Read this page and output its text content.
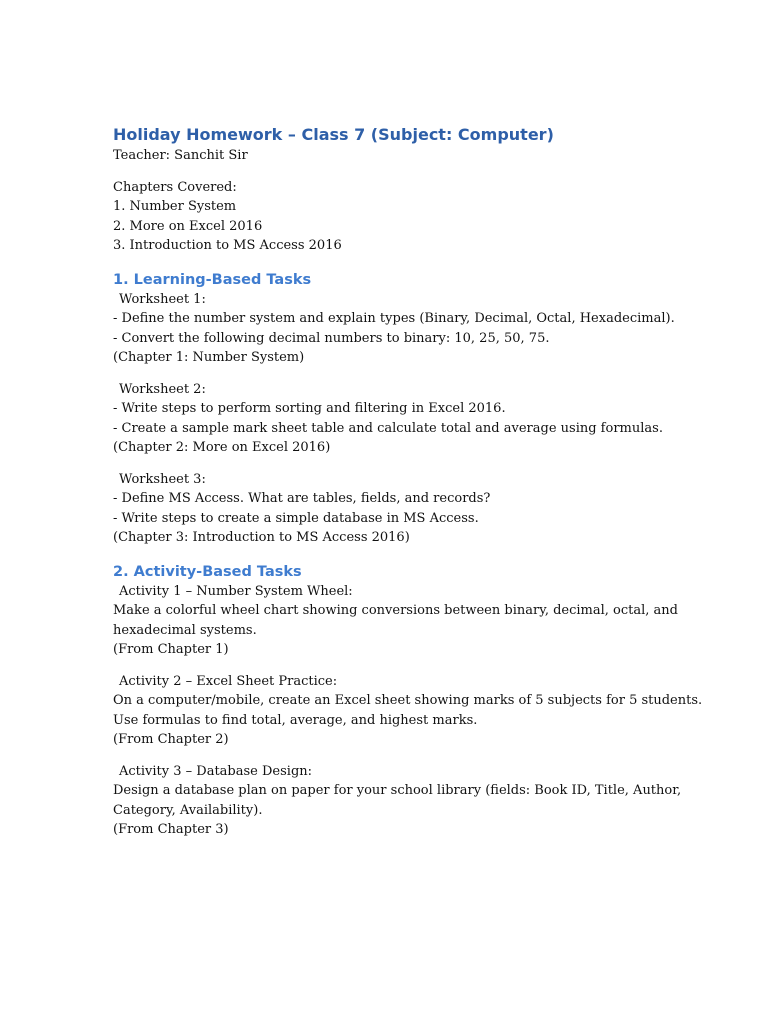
Holiday Homework – Class 7 (Subject: Computer)
Teacher: Sanchit Sir
Chapters Covered:
1. Number System
2. More on Excel 2016
3. Introduction to MS Access 2016
1. Learning-Based Tasks
Worksheet 1:
- Define the number system and explain types (Binary, Decimal, Octal, Hexadecimal).
- Convert the following decimal numbers to binary: 10, 25, 50, 75.
(Chapter 1: Number System)
Worksheet 2:
- Write steps to perform sorting and filtering in Excel 2016.
- Create a sample mark sheet table and calculate total and average using formulas.
(Chapter 2: More on Excel 2016)
Worksheet 3:
- Define MS Access. What are tables, fields, and records?
- Write steps to create a simple database in MS Access.
(Chapter 3: Introduction to MS Access 2016)
2. Activity-Based Tasks
Activity 1 – Number System Wheel:
Make a colorful wheel chart showing conversions between binary, decimal, octal, and
hexadecimal systems.
(From Chapter 1)
Activity 2 – Excel Sheet Practice:
On a computer/mobile, create an Excel sheet showing marks of 5 subjects for 5 students.
Use formulas to find total, average, and highest marks.
(From Chapter 2)
Activity 3 – Database Design:
Design a database plan on paper for your school library (fields: Book ID, Title, Author,
Category, Availability).
(From Chapter 3)
